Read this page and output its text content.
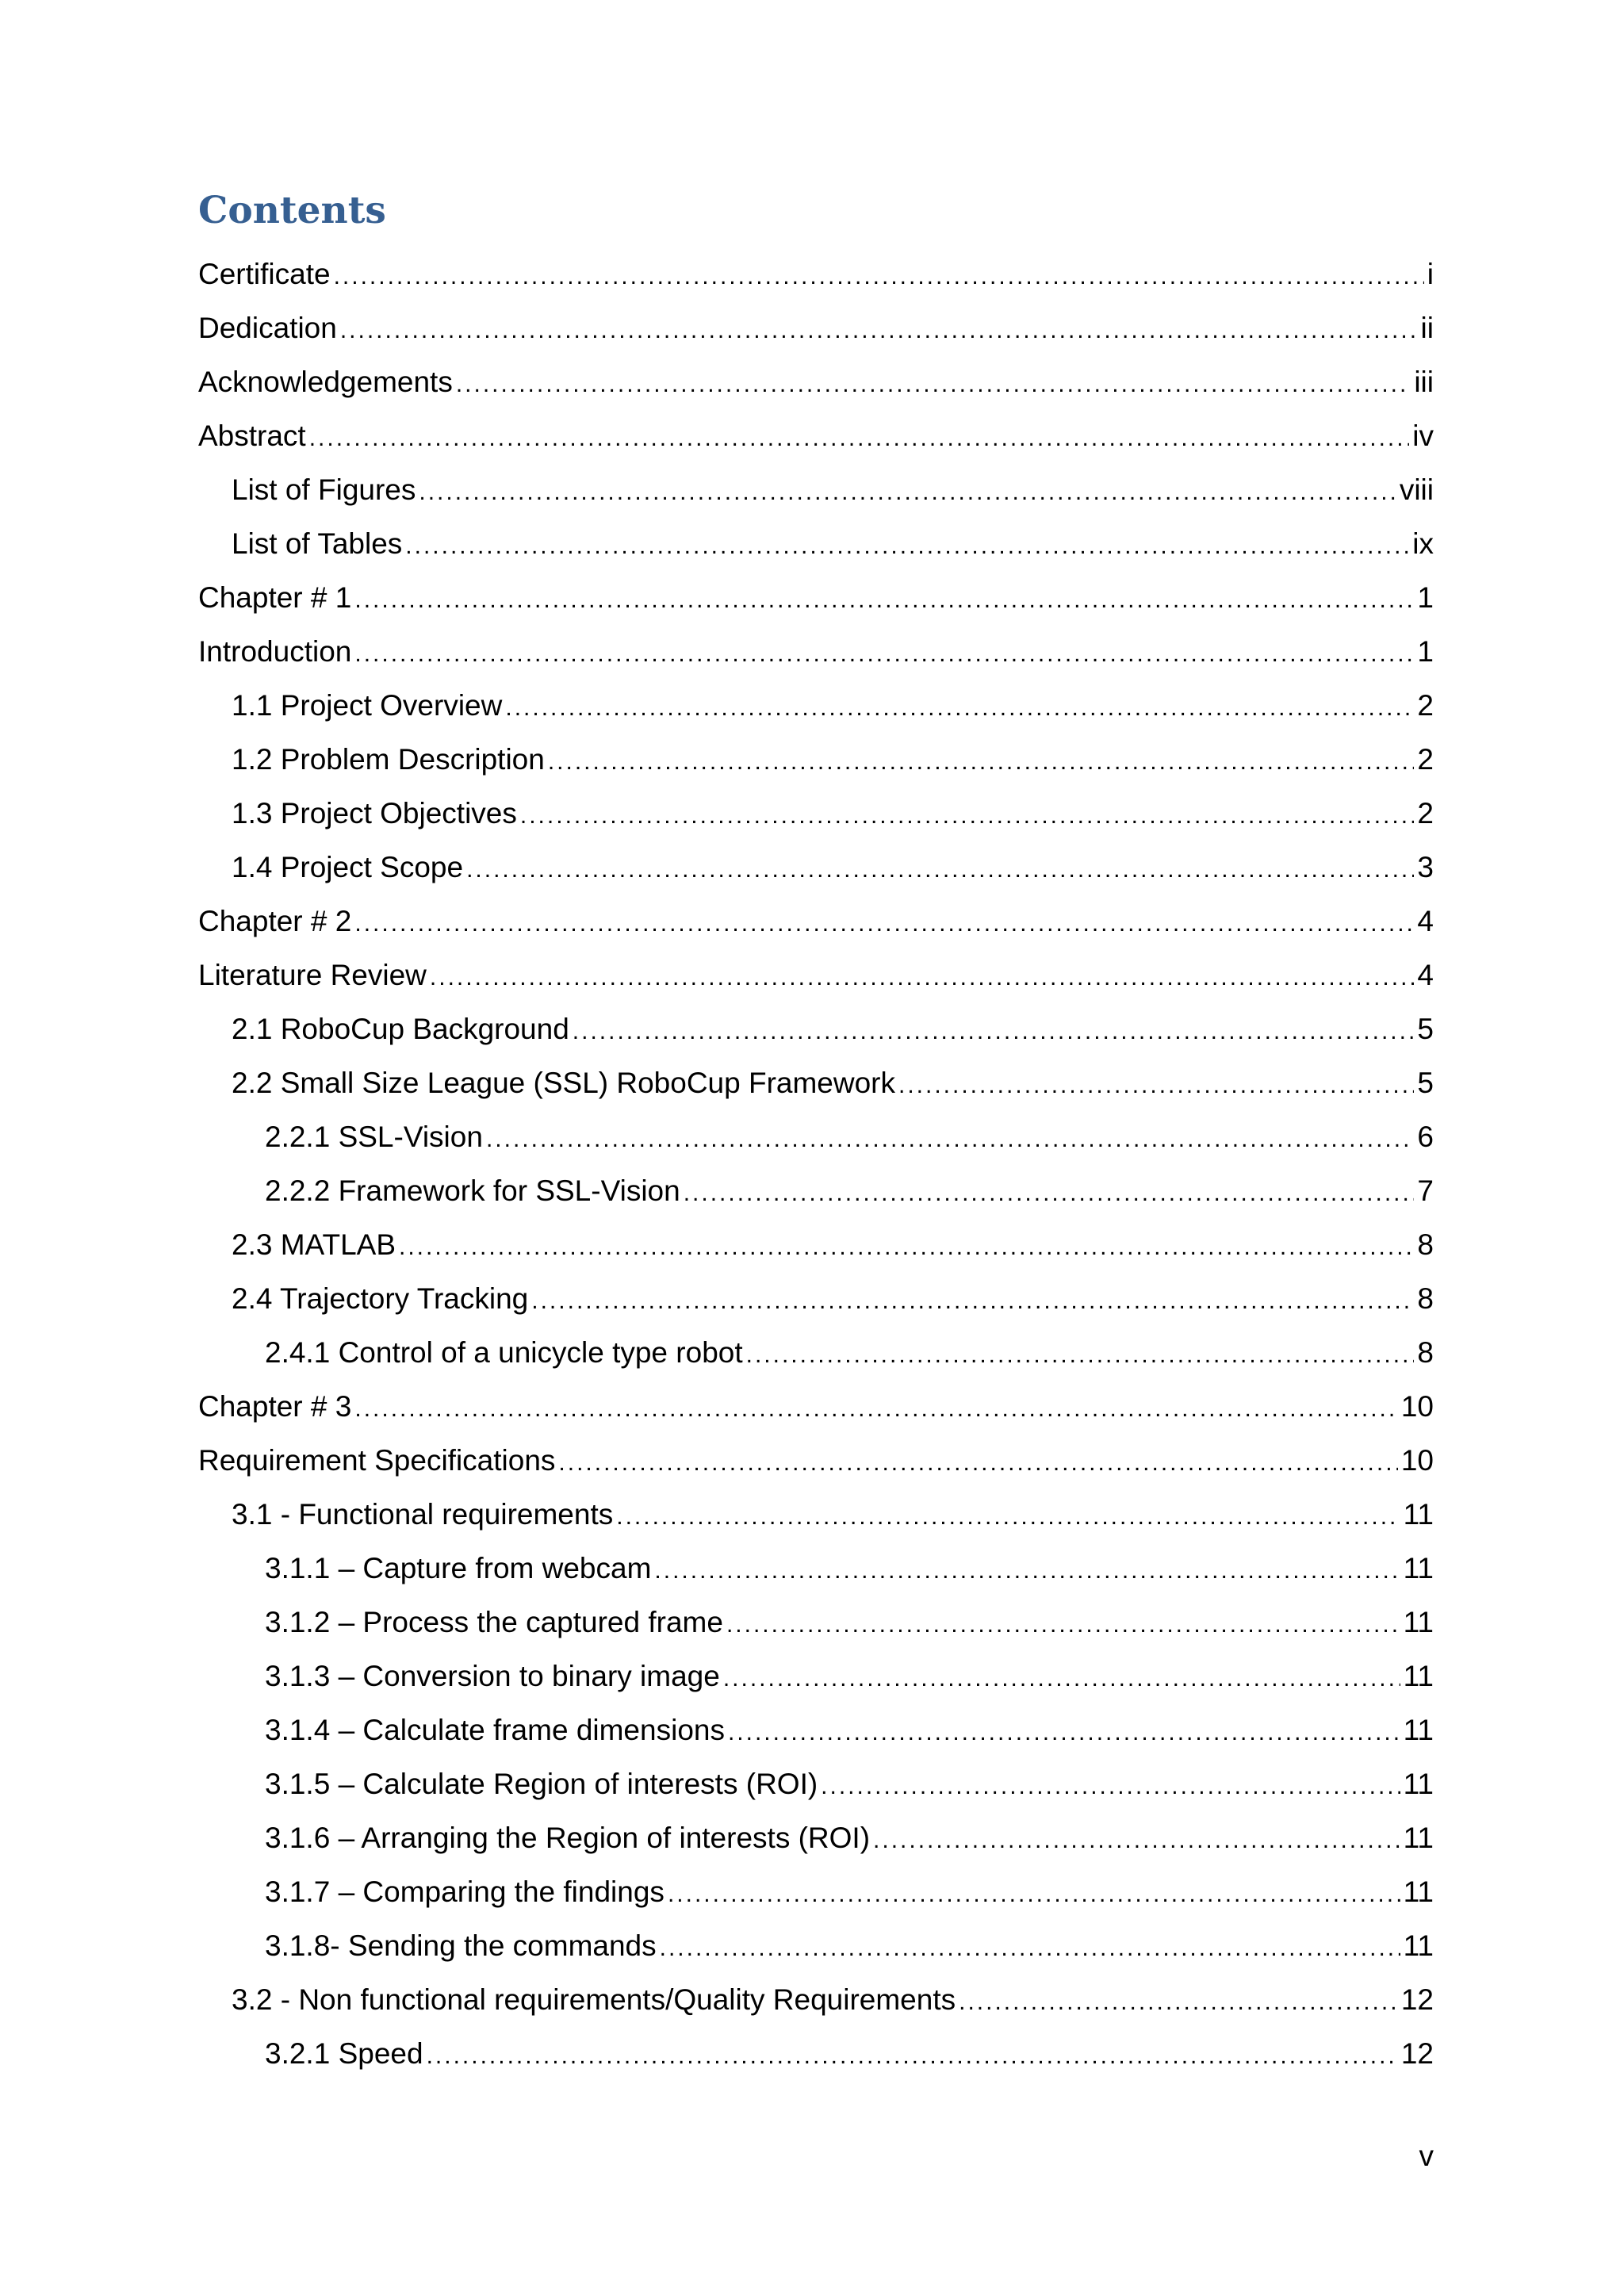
Contents
Certificate .....	i
Dedication .....	ii
Acknowledgements .....	iii
Abstract .....	iv
List of Figures .....	viii
List of Tables .....	ix
Chapter # 1 .....	1
Introduction .....	1
1.1 Project Overview .....	2
1.2 Problem Description .....	2
1.3 Project Objectives .....	2
1.4 Project Scope .....	3
Chapter # 2 .....	4
Literature Review .....	4
2.1 RoboCup Background .....	5
2.2 Small Size League (SSL) RoboCup Framework .....	5
2.2.1 SSL-Vision .....	6
2.2.2 Framework for SSL-Vision .....	7
2.3 MATLAB .....	8
2.4 Trajectory Tracking .....	8
2.4.1 Control of a unicycle type robot .....	8
Chapter # 3 .....	10
Requirement Specifications .....	10
3.1 - Functional requirements .....	11
3.1.1 – Capture from webcam .....	11
3.1.2 – Process the captured frame .....	11
3.1.3 – Conversion to binary image .....	11
3.1.4 – Calculate frame dimensions .....	11
3.1.5 – Calculate Region of interests (ROI) .....	11
3.1.6 – Arranging the Region of interests (ROI) .....	11
3.1.7 – Comparing the findings .....	11
3.1.8- Sending the commands .....	11
3.2 - Non functional requirements/Quality Requirements .....	12
3.2.1 Speed .....	12
v
